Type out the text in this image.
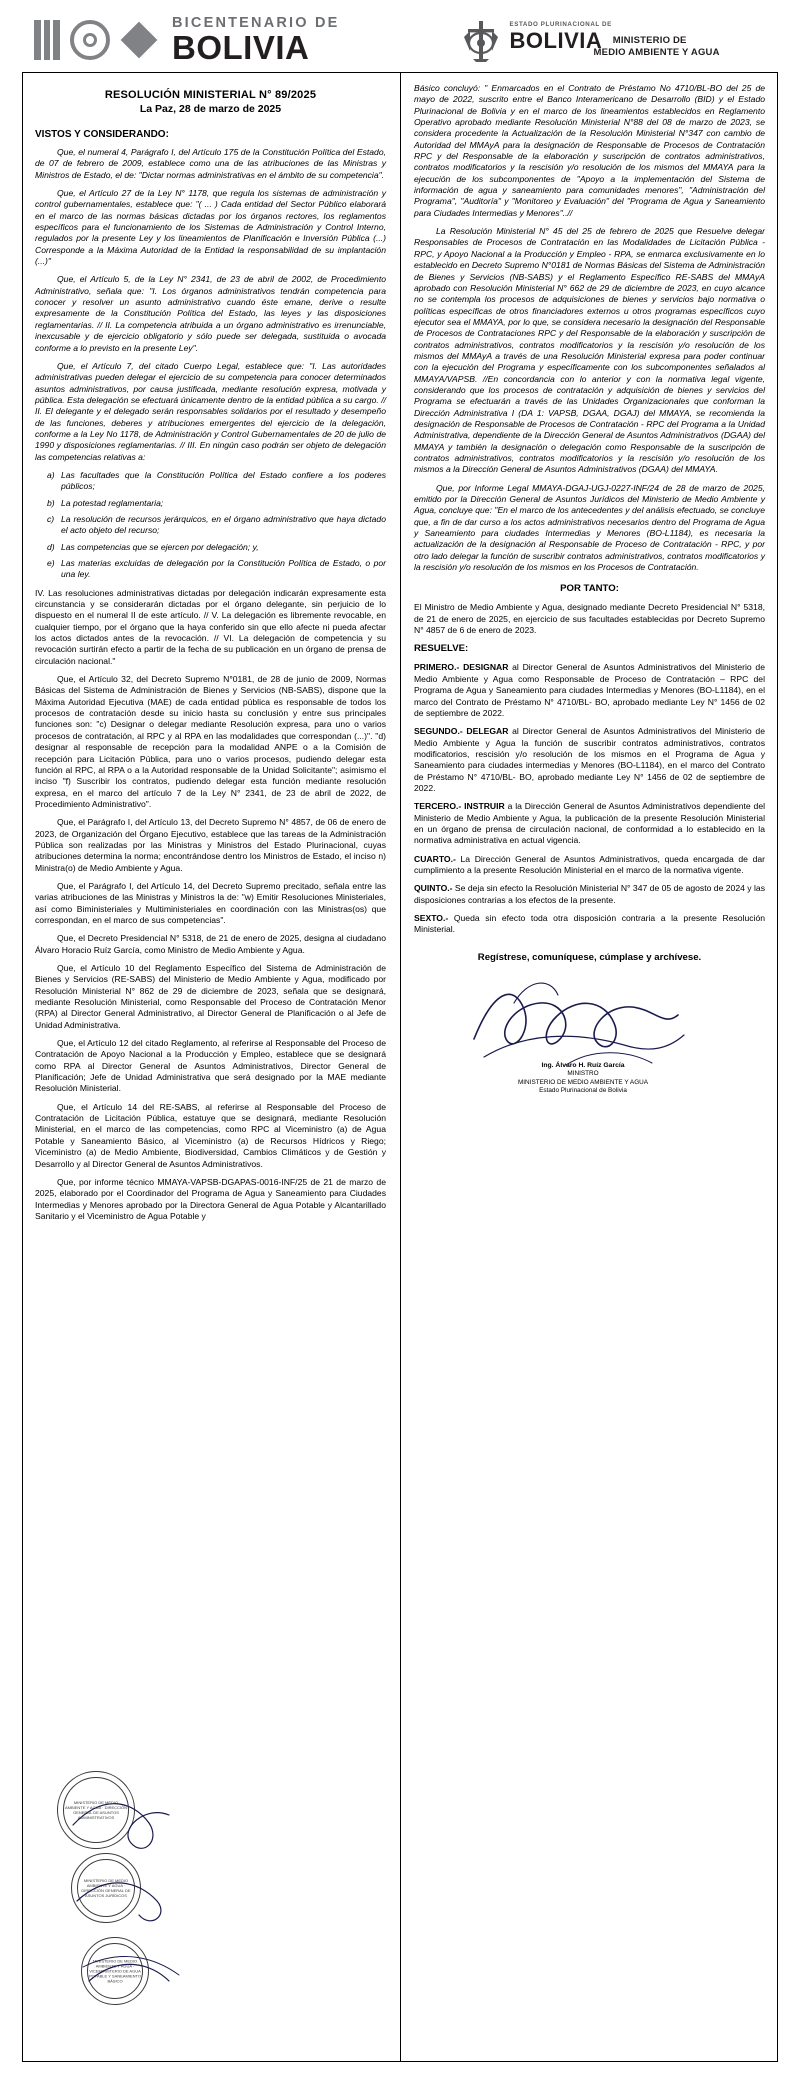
BICENTENARIO DE
BOLIVIA
ESTADO PLURINACIONAL DE
BOLIVIA MINISTERIO DE
MEDIO AMBIENTE Y AGUA
RESOLUCIÓN MINISTERIAL N° 89/2025
La Paz, 28 de marzo de 2025
VISTOS Y CONSIDERANDO:

Que, el numeral 4, Parágrafo I, del Artículo 175 de la Constitución Política del Estado, de 07 de febrero de 2009, establece como una de las atribuciones de las Ministras y Ministros de Estado, el de: "Dictar normas administrativas en el ámbito de su competencia".

Que, el Artículo 27 de la Ley N° 1178, que regula los sistemas de administración y control gubernamentales, establece que: "( ... ) Cada entidad del Sector Público elaborará en el marco de las normas básicas dictadas por los órganos rectores, los reglamentos específicos para el funcionamiento de los Sistemas de Administración y Control Interno, regulados por la presente Ley y los lineamientos de Planificación e Inversión Pública (...) Corresponde a la Máxima Autoridad de la Entidad la responsabilidad de su implantación (...)"

Que, el Artículo 5, de la Ley N° 2341, de 23 de abril de 2002, de Procedimiento Administrativo, señala que: "I. Los órganos administrativos tendrán competencia para conocer y resolver un asunto administrativo cuando éste emane, derive o resulte expresamente de la Constitución Política del Estado, las leyes y las disposiciones reglamentarias. // II. La competencia atribuida a un órgano administrativo es irrenunciable, inexcusable y de ejercicio obligatorio y sólo puede ser delegada, sustituida o avocada conforme a lo previsto en la presente Ley".

Que, el Artículo 7, del citado Cuerpo Legal, establece que: "I. Las autoridades administrativas pueden delegar el ejercicio de su competencia para conocer determinados asuntos administrativos, por causa justificada, mediante resolución expresa, motivada y pública. Esta delegación se efectuará únicamente dentro de la entidad pública a su cargo. // II. El delegante y el delegado serán responsables solidarios por el resultado y desempeño de las funciones, deberes y atribuciones emergentes del ejercicio de la delegación, conforme a la Ley No 1178, de Administración y Control Gubernamentales de 20 de julio de 1990 y disposiciones reglamentarias. // III. En ningún caso podrán ser objeto de delegación las competencias relativas a:

a) Las facultades que la Constitución Política del Estado confiere a los poderes públicos;
b) La potestad reglamentaria;
c) La resolución de recursos jerárquicos, en el órgano administrativo que haya dictado el acto objeto del recurso;
d) Las competencias que se ejercen por delegación; y,
e) Las materias excluidas de delegación por la Constitución Política de Estado, o por una ley.

IV. Las resoluciones administrativas dictadas por delegación indicarán expresamente esta circunstancia y se considerarán dictadas por el órgano delegante, sin perjuicio de lo dispuesto en el numeral II de este artículo. // V. La delegación es libremente revocable, en cualquier tiempo, por el órgano que la haya conferido sin que ello afecte ni pueda afectar los actos dictados antes de la revocación. // VI. La delegación de competencia y su revocación surtirán efecto a partir de la fecha de su publicación en un órgano de prensa de circulación nacional."

Que, el Artículo 32, del Decreto Supremo N°0181, de 28 de junio de 2009, Normas Básicas del Sistema de Administración de Bienes y Servicios (NB-SABS), dispone que la Máxima Autoridad Ejecutiva (MAE) de cada entidad pública es responsable de todos los procesos de contratación desde su inicio hasta su conclusión y entre sus principales funciones son: "c) Designar o delegar mediante Resolución expresa, para uno o varios procesos de contratación, al RPC y al RPA en las modalidades que correspondan (...)". "d) designar al responsable de recepción para la modalidad ANPE o a la Comisión de recepción para Licitación Pública, para uno o varios procesos, pudiendo delegar esta función al RPC, al RPA o a la Autoridad responsable de la Unidad Solicitante"; asimismo el inciso "f) Suscribir los contratos, pudiendo delegar esta función mediante resolución expresa, en el marco del artículo 7 de la Ley N° 2341, de 23 de abril de 2022, de Procedimiento Administrativo".

Que, el Parágrafo I, del Artículo 13, del Decreto Supremo N° 4857, de 06 de enero de 2023, de Organización del Órgano Ejecutivo, establece que las tareas de la Administración Pública son realizadas por las Ministras y Ministros del Estado Plurinacional, cuyas atribuciones determina la norma; encontrándose dentro los Ministros de Estado, el inciso n) Ministra(o) de Medio Ambiente y Agua.

Que, el Parágrafo I, del Artículo 14, del Decreto Supremo precitado, señala entre las varias atribuciones de las Ministras y Ministros la de: "w) Emitir Resoluciones Ministeriales, así como Biministeriales y Multiministeriales en coordinación con las Ministras(os) que correspondan, en el marco de sus competencias".

Que, el Decreto Presidencial N° 5318, de 21 de enero de 2025, designa al ciudadano Álvaro Horacio Ruíz García, como Ministro de Medio Ambiente y Agua.

Que, el Artículo 10 del Reglamento Específico del Sistema de Administración de Bienes y Servicios (RE-SABS) del Ministerio de Medio Ambiente y Agua, modificado por Resolución Ministerial N° 862 de 29 de diciembre de 2023, señala que se designará, mediante Resolución Ministerial, como Responsable del Proceso de Contratación Menor (RPA) al Director General Administrativo, al Director General de Planificación o al Jefe de Unidad Administrativa.

Que, el Artículo 12 del citado Reglamento, al referirse al Responsable del Proceso de Contratación de Apoyo Nacional a la Producción y Empleo, establece que se designará como RPA al Director General de Asuntos Administrativos, Director General de Planificación; Jefe de Unidad Administrativa que será designado por la MAE mediante Resolución Ministerial.

Que, el Artículo 14 del RE-SABS, al referirse al Responsable del Proceso de Contratación de Licitación Pública, estatuye que se designará, mediante Resolución Ministerial, en el marco de las competencias, como RPC al Viceministro (a) de Agua Potable y Saneamiento Básico, al Viceministro (a) de Recursos Hídricos y Riego; Viceministro (a) de Medio Ambiente, Biodiversidad, Cambios Climáticos y de Gestión y Desarrollo y al Director General de Asuntos Administrativos.

Que, por informe técnico MMAYA-VAPSB-DGAPAS-0016-INF/25 de 21 de marzo de 2025, elaborado por el Coordinador del Programa de Agua y Saneamiento para Ciudades Intermedias y Menores aprobado por la Directora General de Agua Potable y Alcantarillado Sanitario y el Viceministro de Agua Potable y

Básico concluyó: " Enmarcados en el Contrato de Préstamo No 4710/BL-BO del 25 de mayo de 2022, suscrito entre el Banco Interamericano de Desarrollo (BID) y el Estado Plurinacional de Bolivia y en el marco de los lineamientos establecidos en Reglamento Operativo aprobado mediante Resolución Ministerial N°88 del 08 de marzo de 2023, se considera procedente la Actualización de la Resolución Ministerial N°347 con cambio de Autoridad del MMAyA para la designación de Responsable de Procesos de Contratación RPC y del Responsable de la elaboración y suscripción de contratos administrativos, contratos modificatorios y la rescisión y/o resolución de los mismos del MMAYA para la ejecución de los subcomponentes de "Apoyo a la implementación del Sistema de información de agua y saneamiento para comunidades menores", "Administración del Programa", "Auditoría" y "Monitoreo y Evaluación" del "Programa de Agua y Saneamiento para Ciudades Intermedias y Menores"..//

La Resolución Ministerial N° 45 del 25 de febrero de 2025 que Resuelve delegar Responsables de Procesos de Contratación en las Modalidades de Licitación Pública - RPC, y Apoyo Nacional a la Producción y Empleo - RPA, se enmarca exclusivamente en lo establecido en Decreto Supremo N°0181 de Normas Básicas del Sistema de Administración de Bienes y Servicios (NB-SABS) y el Reglamento Específico RE-SABS del MMAyA aprobado con Resolución Ministerial N° 662 de 29 de diciembre de 2023, en cuyo alcance no se contempla los procesos de adquisiciones de bienes y servicios bajo normativa o políticas específicas de otros financiadores externos u otros programas específicos cuyo ejecutor sea el MMAYA, por lo que, se considera necesario la designación del Responsable de Procesos de Contrataciones RPC y del Responsable de la elaboración y suscripción de contratos administrativos, contratos modificatorios y la rescisión y/o resolución de los mismos del MMAyA a través de una Resolución Ministerial expresa para poder continuar con la ejecución del Programa y específicamente con los subcomponentes señalados al MMAYA/VAPSB. //En concordancia con lo anterior y con la normativa legal vigente, considerando que los procesos de contratación y adquisición de bienes y servicios del Programa se efectuarán a través de las Unidades Organizacionales que conforman la Dirección Administrativa I (DA 1: VAPSB, DGAA, DGAJ) del MMAYA, se recomienda la designación de Responsable de Procesos de Contratación - RPC del Programa a la Unidad Administrativa, dependiente de la Dirección General de Asuntos Administrativos (DGAA) del MMAYA y también la designación o delegación como Responsable de la suscripción de contratos administrativos, contratos modificatorios y la rescisión y/o resolución de los mismos a la Dirección General de Asuntos Administrativos (DGAA) del MMAYA.

Que, por Informe Legal MMAYA-DGAJ-UGJ-0227-INF/24 de 28 de marzo de 2025, emitido por la Dirección General de Asuntos Jurídicos del Ministerio de Medio Ambiente y Agua, concluye que: "En el marco de los antecedentes y del análisis efectuado, se concluye que, a fin de dar curso a los actos administrativos necesarios dentro del Programa de Agua y Saneamiento para ciudades Intermedias y Menores (BO-L1184), es necesaria la actualización de la designación al Responsable de Proceso de Contratación - RPC, y por otro lado delegar la función de suscribir contratos administrativos, contratos modificatorios y la rescisión y/o resolución de los mismos en los Procesos de Contratación.

POR TANTO:

El Ministro de Medio Ambiente y Agua, designado mediante Decreto Presidencial N° 5318, de 21 de enero de 2025, en ejercicio de sus facultades establecidas por Decreto Supremo N° 4857 de 6 de enero de 2023.

RESUELVE:

PRIMERO.- DESIGNAR al Director General de Asuntos Administrativos del Ministerio de Medio Ambiente y Agua como Responsable de Proceso de Contratación – RPC del Programa de Agua y Saneamiento para ciudades Intermedias y Menores (BO-L1184), en el marco del Contrato de Préstamo N° 4710/BL- BO, aprobado mediante Ley N° 1456 de 02 de septiembre de 2022.

SEGUNDO.- DELEGAR al Director General de Asuntos Administrativos del Ministerio de Medio Ambiente y Agua la función de suscribir contratos administrativos, contratos modificatorios, rescisión y/o resolución de los mismos en el Programa de Agua y Saneamiento para ciudades intermedias y Menores (BO-L1184), en el marco del Contrato de Préstamo N° 4710/BL- BO, aprobado mediante Ley N° 1456 de 02 de septiembre de 2022.

TERCERO.- INSTRUIR a la Dirección General de Asuntos Administrativos dependiente del Ministerio de Medio Ambiente y Agua, la publicación de la presente Resolución Ministerial en un órgano de prensa de circulación nacional, de conformidad a lo establecido en la normativa administrativa en actual vigencia.

CUARTO.- La Dirección General de Asuntos Administrativos, queda encargada de dar cumplimiento a la presente Resolución Ministerial en el marco de la normativa vigente.

QUINTO.- Se deja sin efecto la Resolución Ministerial N° 347 de 05 de agosto de 2024 y las disposiciones contrarias a los efectos de la presente.

SEXTO.- Queda sin efecto toda otra disposición contraria a la presente Resolución Ministerial.

Regístrese, comuníquese, cúmplase y archívese.
Ing. Álvaro H. Ruíz García
MINISTRO
MINISTERIO DE MEDIO AMBIENTE Y AGUA
Estado Plurinacional de Bolivia
MINISTERIO DE MEDIO AMBIENTE Y AGUA · DIRECCIÓN GENERAL DE ASUNTOS ADMINISTRATIVOS
MINISTERIO DE MEDIO AMBIENTE Y AGUA · DIRECCIÓN GENERAL DE ASUNTOS JURÍDICOS
MINISTERIO DE MEDIO AMBIENTE Y AGUA · VICEMINISTERIO DE AGUA POTABLE Y SANEAMIENTO BÁSICO
